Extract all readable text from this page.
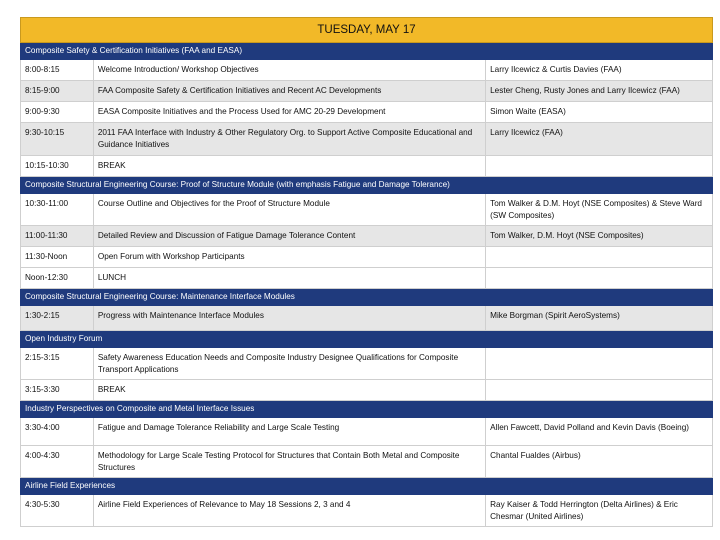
TUESDAY, MAY 17		
Composite Safety & Certification Initiatives (FAA and EASA)		
8:00-8:15	Welcome Introduction/ Workshop Objectives	Larry Ilcewicz & Curtis Davies (FAA)
8:15-9:00	FAA Composite Safety & Certification Initiatives and Recent AC Developments	Lester Cheng, Rusty Jones and Larry Ilcewicz (FAA)
9:00-9:30	EASA Composite Initiatives and the Process Used for AMC 20-29 Development	Simon Waite (EASA)
9:30-10:15	2011 FAA Interface with Industry & Other Regulatory Org. to Support Active Composite Educational and Guidance Initiatives	Larry Ilcewicz (FAA)
10:15-10:30	BREAK	
Composite Structural Engineering Course: Proof of Structure Module (with emphasis Fatigue and Damage Tolerance)		
10:30-11:00	Course Outline and Objectives for the Proof of Structure Module	Tom Walker & D.M. Hoyt (NSE Composites) & Steve Ward (SW Composites)
11:00-11:30	Detailed Review and Discussion of Fatigue Damage Tolerance Content	Tom Walker, D.M. Hoyt (NSE Composites)
11:30-Noon	Open Forum with Workshop Participants	
Noon-12:30	LUNCH	
Composite Structural Engineering Course: Maintenance Interface Modules		
1:30-2:15	Progress with Maintenance Interface Modules	Mike Borgman (Spirit AeroSystems)
Open Industry Forum		
2:15-3:15	Safety Awareness Education Needs and Composite Industry Designee Qualifications for Composite Transport Applications	
3:15-3:30	BREAK	
Industry Perspectives on Composite and Metal Interface Issues		
3:30-4:00	Fatigue and Damage Tolerance Reliability and Large Scale Testing	Allen Fawcett, David Polland and Kevin Davis (Boeing)
4:00-4:30	Methodology for Large Scale Testing Protocol for Structures that Contain Both Metal and Composite Structures	Chantal Fualdes (Airbus)
Airline Field Experiences		
4:30-5:30	Airline Field Experiences of Relevance to May 18 Sessions 2, 3 and 4	Ray Kaiser & Todd Herrington (Delta Airlines) & Eric Chesmar (United Airlines)
